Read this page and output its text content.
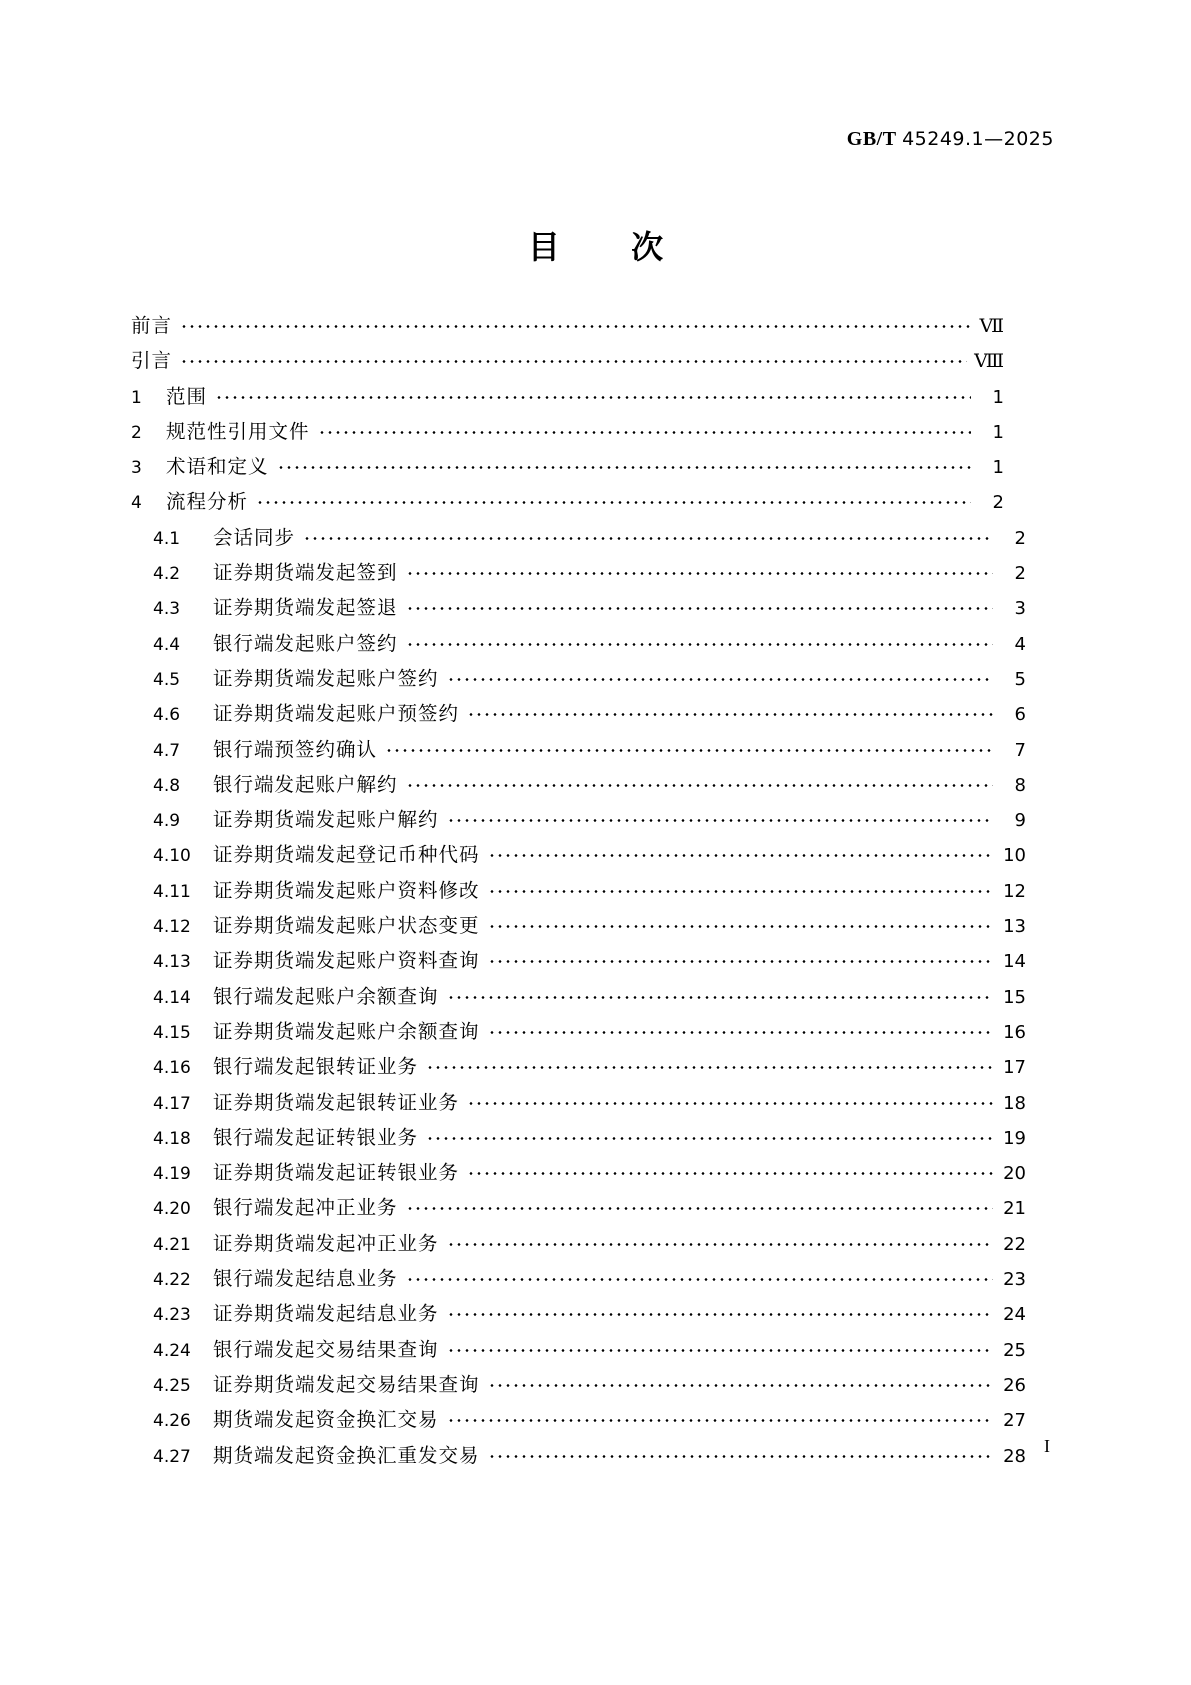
GB/T 45249.1—2025
目 次
前言	Ⅶ
引言	Ⅷ
1	范围	1
2	规范性引用文件	1
3	术语和定义	1
4	流程分析	2
4.1	会话同步	2
4.2	证券期货端发起签到	2
4.3	证券期货端发起签退	3
4.4	银行端发起账户签约	4
4.5	证券期货端发起账户签约	5
4.6	证券期货端发起账户预签约	6
4.7	银行端预签约确认	7
4.8	银行端发起账户解约	8
4.9	证券期货端发起账户解约	9
4.10	证券期货端发起登记币种代码	10
4.11	证券期货端发起账户资料修改	12
4.12	证券期货端发起账户状态变更	13
4.13	证券期货端发起账户资料查询	14
4.14	银行端发起账户余额查询	15
4.15	证券期货端发起账户余额查询	16
4.16	银行端发起银转证业务	17
4.17	证券期货端发起银转证业务	18
4.18	银行端发起证转银业务	19
4.19	证券期货端发起证转银业务	20
4.20	银行端发起冲正业务	21
4.21	证券期货端发起冲正业务	22
4.22	银行端发起结息业务	23
4.23	证券期货端发起结息业务	24
4.24	银行端发起交易结果查询	25
4.25	证券期货端发起交易结果查询	26
4.26	期货端发起资金换汇交易	27
4.27	期货端发起资金换汇重发交易	28 I
